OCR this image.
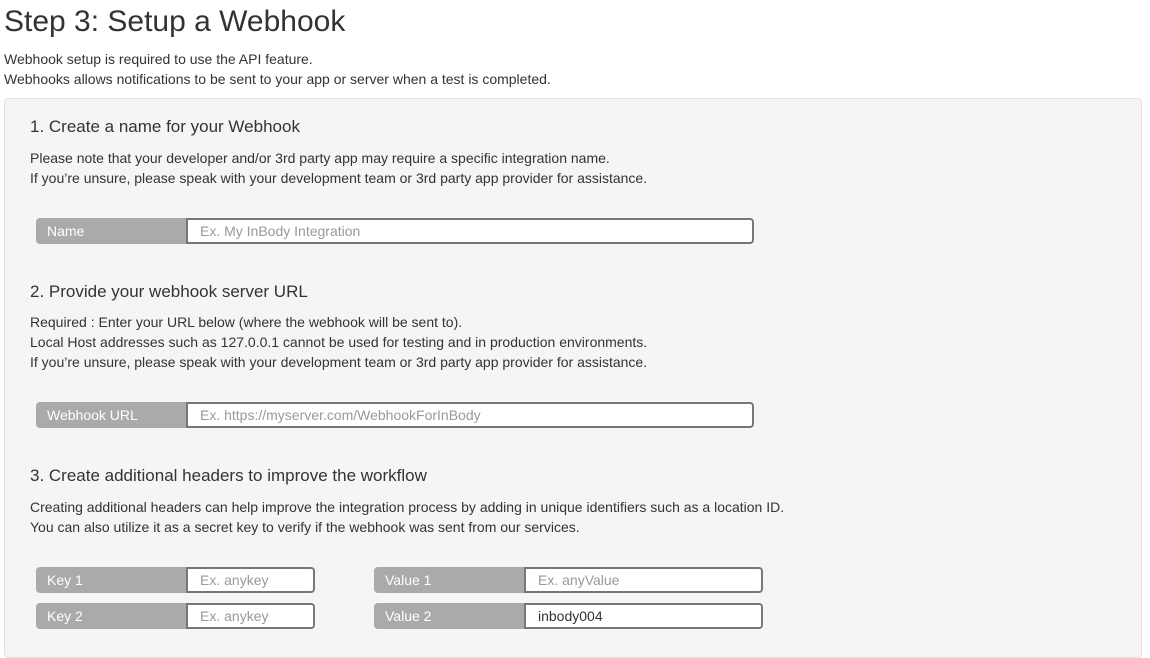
Step 3: Setup a Webhook
Webhook setup is required to use the API feature.
Webhooks allows notifications to be sent to your app or server when a test is completed.
1. Create a name for your Webhook
Please note that your developer and/or 3rd party app may require a specific integration name.
If you’re unsure, please speak with your development team or 3rd party app provider for assistance.
Name
Ex. My InBody Integration
2. Provide your webhook server URL
Required : Enter your URL below (where the webhook will be sent to).
Local Host addresses such as 127.0.0.1 cannot be used for testing and in production environments.
If you’re unsure, please speak with your development team or 3rd party app provider for assistance.
Webhook URL
Ex. https://myserver.com/WebhookForInBody
3. Create additional headers to improve the workflow
Creating additional headers can help improve the integration process by adding in unique identifiers such as a location ID.
You can also utilize it as a secret key to verify if the webhook was sent from our services.
Key 1
Ex. anykey	Value 1
Ex. anyValue
Key 2
Ex. anykey	Value 2
inbody004
